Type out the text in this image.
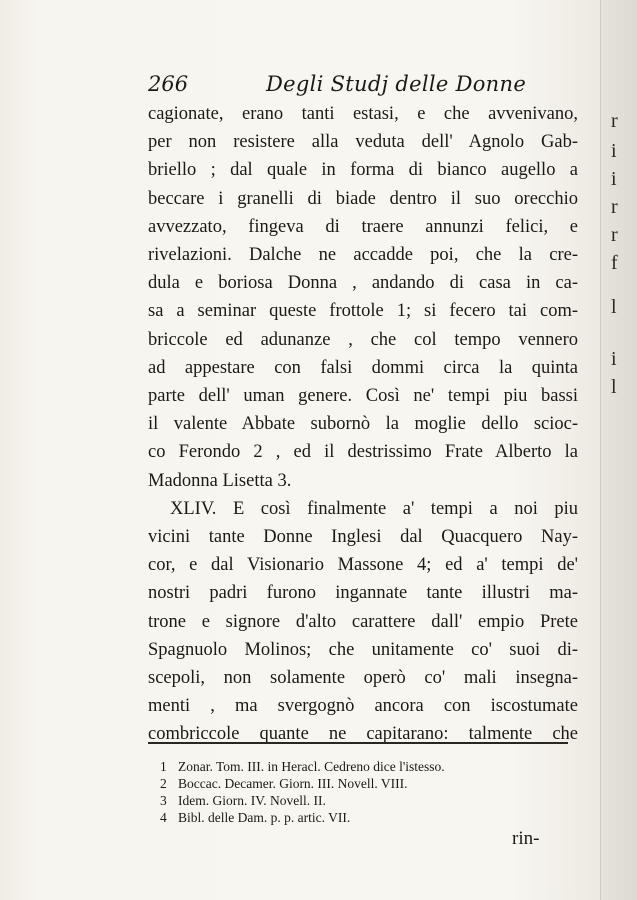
266	Degli Studj delle Donne
cagionate, erano tanti estasi, e che avvenivano,
per non resistere alla veduta dell' Agnolo Gab-
briello ; dal quale in forma di bianco augello a
beccare i granelli di biade dentro il suo orecchio
avvezzato, fingeva di traere annunzi felici, e
rivelazioni. Dalche ne accadde poi, che la cre-
dula e boriosa Donna , andando di casa in ca-
sa a seminar queste frottole 1; si fecero tai com-
briccole ed adunanze , che col tempo vennero
ad appestare con falsi dommi circa la quinta
parte dell' uman genere. Così ne' tempi piu bassi
il valente Abbate subornò la moglie dello scioc-
co Ferondo 2 , ed il destrissimo Frate Alberto la
Madonna Lisetta 3.
XLIV. E così finalmente a' tempi a noi piu
vicini tante Donne Inglesi dal Quacquero Nay-
cor, e dal Visionario Massone 4; ed a' tempi de'
nostri padri furono ingannate tante illustri ma-
trone e signore d'alto carattere dall' empio Prete
Spagnuolo Molinos; che unitamente co' suoi di-
scepoli, non solamente operò co' mali insegna-
menti , ma svergognò ancora con iscostumate
combriccole quante ne capitarano: talmente che
1 Zonar. Tom. III. in Heracl. Cedreno dice l'istesso.
2 Boccac. Decamer. Giorn. III. Novell. VIII.
3 Idem. Giorn. IV. Novell. II.
4 Bibl. delle Dam. p. p. artic. VII.
rin-
r
i
i
r
r
f
l
i
l
